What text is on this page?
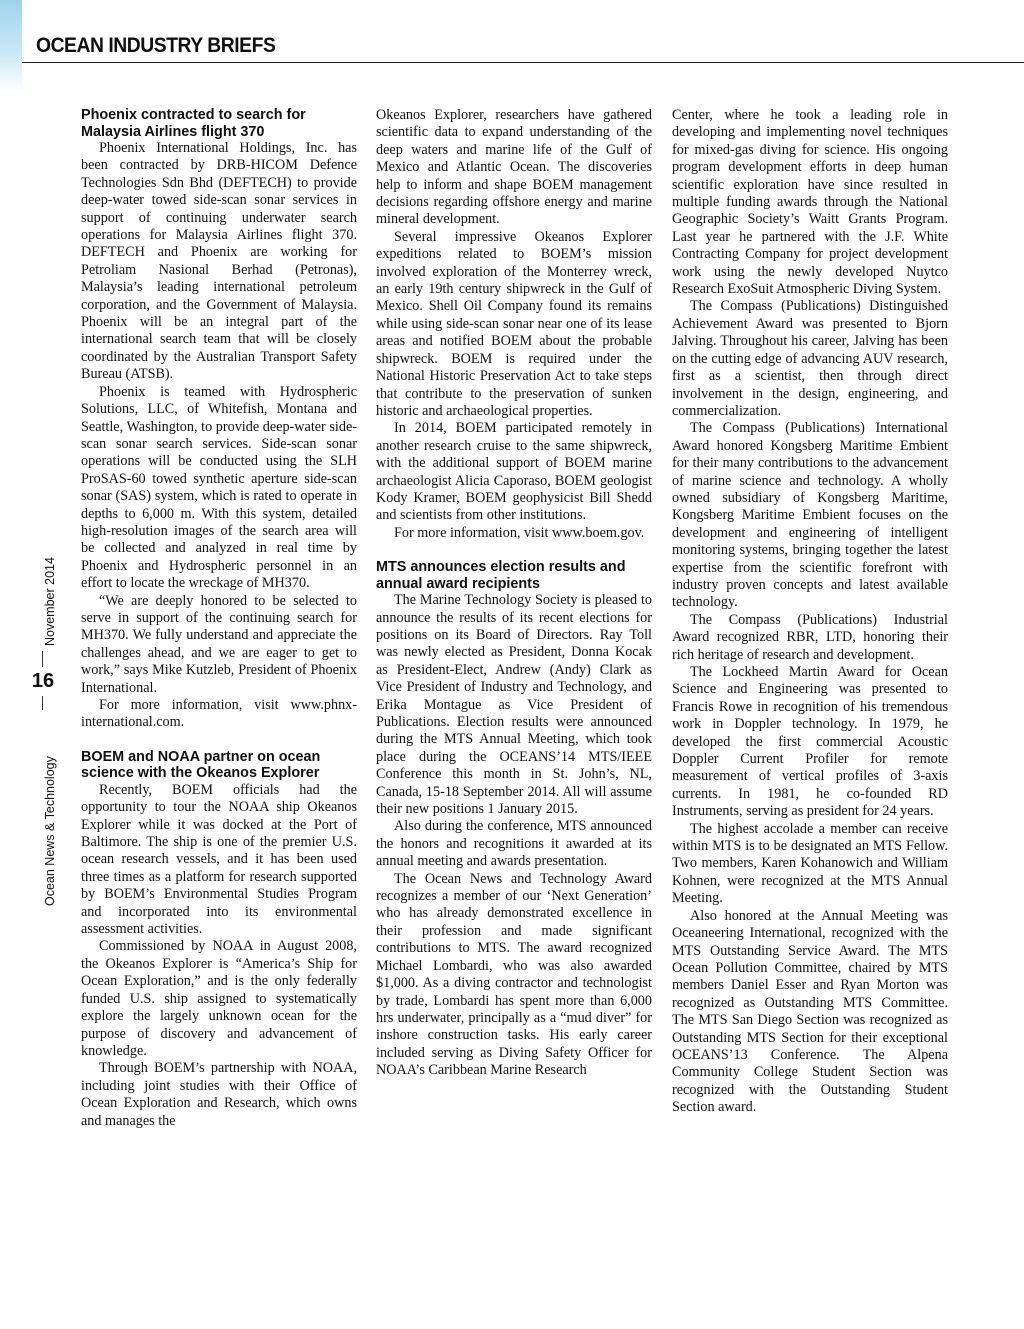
OCEAN INDUSTRY BRIEFS
November 2014
16
Ocean News & Technology
Phoenix contracted to search for Malaysia Airlines flight 370

Phoenix International Holdings, Inc. has been contracted by DRB-HICOM Defence Technologies Sdn Bhd (DEFTECH) to provide deep-water towed side-scan sonar services in support of continuing underwater search operations for Malaysia Airlines flight 370. DEFTECH and Phoenix are working for Petroliam Nasional Berhad (Petronas), Malaysia’s leading international petroleum corporation, and the Government of Malaysia. Phoenix will be an integral part of the international search team that will be closely coordinated by the Australian Transport Safety Bureau (ATSB).

Phoenix is teamed with Hydrospheric Solutions, LLC, of Whitefish, Montana and Seattle, Washington, to provide deep-water side-scan sonar search services. Side-scan sonar operations will be conducted using the SLH ProSAS-60 towed synthetic aperture side-scan sonar (SAS) system, which is rated to operate in depths to 6,000 m. With this system, detailed high-resolution images of the search area will be collected and analyzed in real time by Phoenix and Hydrospheric personnel in an effort to locate the wreckage of MH370.

“We are deeply honored to be selected to serve in support of the continuing search for MH370. We fully understand and appreciate the challenges ahead, and we are eager to get to work,” says Mike Kutzleb, President of Phoenix International.

For more information, visit www.phnx-international.com.

BOEM and NOAA partner on ocean science with the Okeanos Explorer

Recently, BOEM officials had the opportunity to tour the NOAA ship Okeanos Explorer while it was docked at the Port of Baltimore. The ship is one of the premier U.S. ocean research vessels, and it has been used three times as a platform for research supported by BOEM’s Environmental Studies Program and incorporated into its environmental assessment activities.

Commissioned by NOAA in August 2008, the Okeanos Explorer is “America’s Ship for Ocean Exploration,” and is the only federally funded U.S. ship assigned to systematically explore the largely unknown ocean for the purpose of discovery and advancement of knowledge.

Through BOEM’s partnership with NOAA, including joint studies with their Office of Ocean Exploration and Research, which owns and manages the

Okeanos Explorer, researchers have gathered scientific data to expand understanding of the deep waters and marine life of the Gulf of Mexico and Atlantic Ocean. The discoveries help to inform and shape BOEM management decisions regarding offshore energy and marine mineral development.

Several impressive Okeanos Explorer expeditions related to BOEM’s mission involved exploration of the Monterrey wreck, an early 19th century shipwreck in the Gulf of Mexico. Shell Oil Company found its remains while using side-scan sonar near one of its lease areas and notified BOEM about the probable shipwreck. BOEM is required under the National Historic Preservation Act to take steps that contribute to the preservation of sunken historic and archaeological properties.

In 2014, BOEM participated remotely in another research cruise to the same shipwreck, with the additional support of BOEM marine archaeologist Alicia Caporaso, BOEM geologist Kody Kramer, BOEM geophysicist Bill Shedd and scientists from other institutions.

For more information, visit www.boem.gov.

MTS announces election results and annual award recipients

The Marine Technology Society is pleased to announce the results of its recent elections for positions on its Board of Directors. Ray Toll was newly elected as President, Donna Kocak as President-Elect, Andrew (Andy) Clark as Vice President of Industry and Technology, and Erika Montague as Vice President of Publications. Election results were announced during the MTS Annual Meeting, which took place during the OCEANS’14 MTS/IEEE Conference this month in St. John’s, NL, Canada, 15-18 September 2014. All will assume their new positions 1 January 2015.

Also during the conference, MTS announced the honors and recognitions it awarded at its annual meeting and awards presentation.

The Ocean News and Technology Award recognizes a member of our ‘Next Generation’ who has already demonstrated excellence in their profession and made significant contributions to MTS. The award recognized Michael Lombardi, who was also awarded $1,000. As a diving contractor and technologist by trade, Lombardi has spent more than 6,000 hrs underwater, principally as a “mud diver” for inshore construction tasks. His early career included serving as Diving Safety Officer for NOAA’s Caribbean Marine Research

Center, where he took a leading role in developing and implementing novel techniques for mixed-gas diving for science. His ongoing program development efforts in deep human scientific exploration have since resulted in multiple funding awards through the National Geographic Society’s Waitt Grants Program. Last year he partnered with the J.F. White Contracting Company for project development work using the newly developed Nuytco Research ExoSuit Atmospheric Diving System.

The Compass (Publications) Distinguished Achievement Award was presented to Bjorn Jalving. Throughout his career, Jalving has been on the cutting edge of advancing AUV research, first as a scientist, then through direct involvement in the design, engineering, and commercialization.

The Compass (Publications) International Award honored Kongsberg Maritime Embient for their many contributions to the advancement of marine science and technology. A wholly owned subsidiary of Kongsberg Maritime, Kongsberg Maritime Embient focuses on the development and engineering of intelligent monitoring systems, bringing together the latest expertise from the scientific forefront with industry proven concepts and latest available technology.

The Compass (Publications) Industrial Award recognized RBR, LTD, honoring their rich heritage of research and development.

The Lockheed Martin Award for Ocean Science and Engineering was presented to Francis Rowe in recognition of his tremendous work in Doppler technology. In 1979, he developed the first commercial Acoustic Doppler Current Profiler for remote measurement of vertical profiles of 3-axis currents. In 1981, he co-founded RD Instruments, serving as president for 24 years.

The highest accolade a member can receive within MTS is to be designated an MTS Fellow. Two members, Karen Kohanowich and William Kohnen, were recognized at the MTS Annual Meeting.

Also honored at the Annual Meeting was Oceaneering International, recognized with the MTS Outstanding Service Award. The MTS Ocean Pollution Committee, chaired by MTS members Daniel Esser and Ryan Morton was recognized as Outstanding MTS Committee. The MTS San Diego Section was recognized as Outstanding MTS Section for their exceptional OCEANS’13 Conference. The Alpena Community College Student Section was recognized with the Outstanding Student Section award.
